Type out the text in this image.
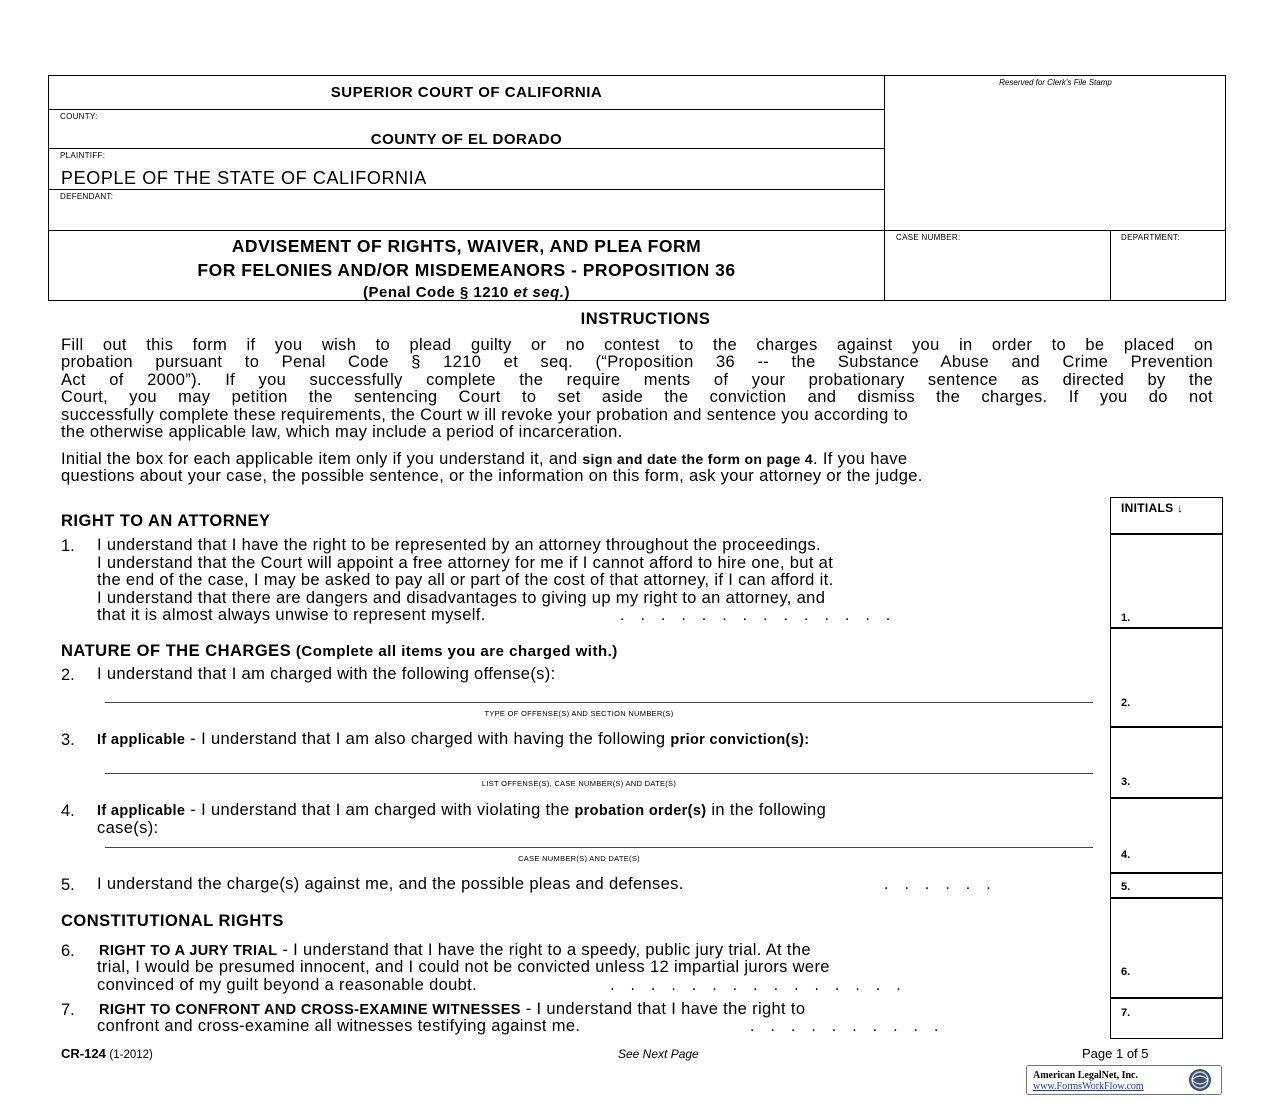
SUPERIOR COURT OF CALIFORNIA
COUNTY:
COUNTY OF EL DORADO
PLAINTIFF:
PEOPLE OF THE STATE OF CALIFORNIA
DEFENDANT:
Reserved for Clerk's File Stamp
CASE NUMBER:	DEPARTMENT:
ADVISEMENT OF RIGHTS, WAIVER, AND PLEA FORM
FOR FELONIES AND/OR MISDEMEANORS - PROPOSITION 36
(Penal Code § 1210 et seq.)
INSTRUCTIONS
Fill out this form if you wish to plead guilty or no contest to the charges against you in order to be placed on
probation pursuant to Penal Code § 1210 et seq. (“Proposition 36 -- the Substance Abuse and Crime Prevention
Act of 2000”). If you successfully complete the require ments of your probationary sentence as directed by the
Court, you may petition the sentencing Court to set aside the conviction and dismiss the charges. If you do not
successfully complete these requirements, the Court w ill revoke your probation and sentence you according to
the otherwise applicable law, which may include a period of incarceration.
Initial the box for each applicable item only if you understand it, and sign and date the form on page 4. If you have
questions about your case, the possible sentence, or the information on this form, ask your attorney or the judge.
INITIALS ↓
1.
2.
3.
4.
5.
6.
7.
RIGHT TO AN ATTORNEY
1. I understand that I have the right to be represented by an attorney throughout the proceedings.
I understand that the Court will appoint a free attorney for me if I cannot afford to hire one, but at
the end of the case, I may be asked to pay all or part of the cost of that attorney, if I can afford it.
I understand that there are dangers and disadvantages to giving up my right to an attorney, and
that it is almost always unwise to represent myself.	..............
NATURE OF THE CHARGES (Complete all items you are charged with.)
2. I understand that I am charged with the following offense(s):
TYPE OF OFFENSE(S) AND SECTION NUMBER(S)
3. If applicable - I understand that I am also charged with having the following prior conviction(s):
LIST OFFENSE(S), CASE NUMBER(S) AND DATE(S)
4. If applicable - I understand that I am charged with violating the probation order(s) in the following
case(s):
CASE NUMBER(S) AND DATE(S)
5. I understand the charge(s) against me, and the possible pleas and defenses.	......
CONSTITUTIONAL RIGHTS
6. RIGHT TO A JURY TRIAL - I understand that I have the right to a speedy, public jury trial. At the
trial, I would be presumed innocent, and I could not be convicted unless 12 impartial jurors were
convinced of my guilt beyond a reasonable doubt.	...............
7. RIGHT TO CONFRONT AND CROSS-EXAMINE WITNESSES - I understand that I have the right to
confront and cross-examine all witnesses testifying against me.	..........
CR-124 (1-2012)	See Next Page	Page 1 of 5
American LegalNet, Inc.
www.FormsWorkFlow.com
